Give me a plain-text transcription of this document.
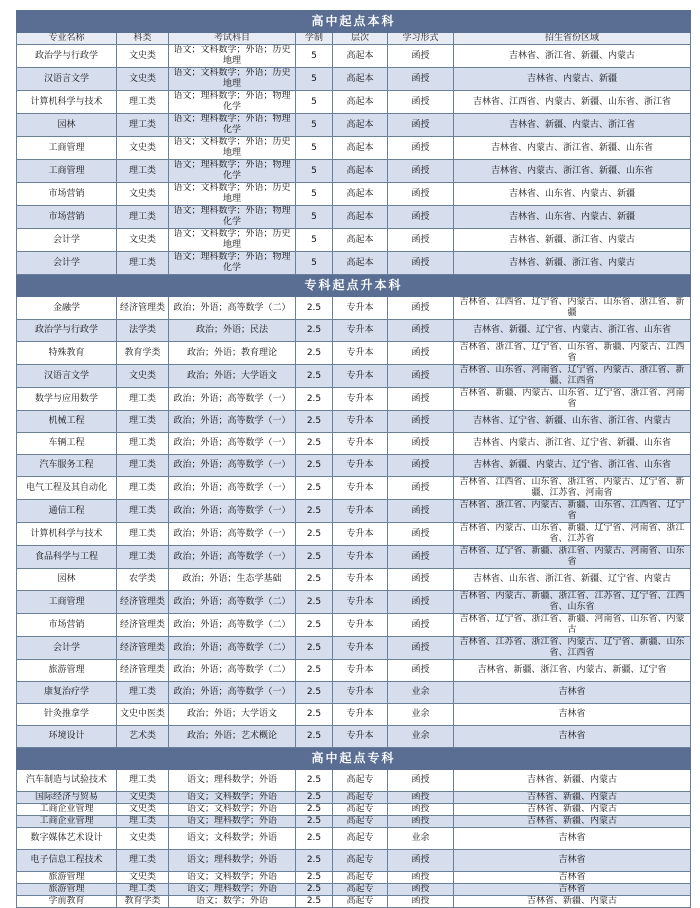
高中起点本科						
专业名称	科类	考试科目	学制	层次	学习形式	招生省份区域
政治学与行政学	文史类	语文；文科数学；外语；历史地理	5	高起本	函授	吉林省、浙江省、新疆、内蒙古
汉语言文学	文史类	语文；文科数学；外语；历史地理	5	高起本	函授	吉林省、内蒙古、新疆
计算机科学与技术	理工类	语文；理科数学；外语；物理化学	5	高起本	函授	吉林省、江西省、内蒙古、新疆、山东省、浙江省
园林	理工类	语文；理科数学；外语；物理化学	5	高起本	函授	吉林省、新疆、内蒙古、浙江省
工商管理	文史类	语文；文科数学；外语；历史地理	5	高起本	函授	吉林省、内蒙古、浙江省、新疆、山东省
工商管理	理工类	语文；理科数学；外语；物理化学	5	高起本	函授	吉林省、内蒙古、浙江省、新疆、山东省
市场营销	文史类	语文；文科数学；外语；历史地理	5	高起本	函授	吉林省、山东省、内蒙古、新疆
市场营销	理工类	语文；理科数学；外语；物理化学	5	高起本	函授	吉林省、山东省、内蒙古、新疆
会计学	文史类	语文；文科数学；外语；历史地理	5	高起本	函授	吉林省、新疆、浙江省、内蒙古
会计学	理工类	语文；理科数学；外语；物理化学	5	高起本	函授	吉林省、新疆、浙江省、内蒙古
专科起点升本科						
金融学	经济管理类	政治；外语；高等数学（二）	2.5	专升本	函授	吉林省、江西省、辽宁省、内蒙古、山东省、浙江省、新疆
政治学与行政学	法学类	政治；外语；民法	2.5	专升本	函授	吉林省、新疆、辽宁省、内蒙古、浙江省、山东省
特殊教育	教育学类	政治；外语；教育理论	2.5	专升本	函授	吉林省、浙江省、辽宁省、山东省、新疆、内蒙古、江西省
汉语言文学	文史类	政治；外语；大学语文	2.5	专升本	函授	吉林省、山东省、河南省、辽宁省、内蒙古、浙江省、新疆、江西省
数学与应用数学	理工类	政治；外语；高等数学（一）	2.5	专升本	函授	吉林省、新疆、内蒙古、山东省、辽宁省、浙江省、河南省
机械工程	理工类	政治；外语；高等数学（一）	2.5	专升本	函授	吉林省、辽宁省、新疆、山东省、浙江省、内蒙古
车辆工程	理工类	政治；外语；高等数学（一）	2.5	专升本	函授	吉林省、内蒙古、浙江省、辽宁省、新疆、山东省
汽车服务工程	理工类	政治；外语；高等数学（一）	2.5	专升本	函授	吉林省、新疆、内蒙古、辽宁省、浙江省、山东省
电气工程及其自动化	理工类	政治；外语；高等数学（一）	2.5	专升本	函授	吉林省、江西省、山东省、浙江省、内蒙古、辽宁省、新疆、江苏省、河南省
通信工程	理工类	政治；外语；高等数学（一）	2.5	专升本	函授	吉林省、浙江省、内蒙古、新疆、山东省、江西省、辽宁省
计算机科学与技术	理工类	政治；外语；高等数学（一）	2.5	专升本	函授	吉林省、内蒙古、山东省、新疆、辽宁省、河南省、浙江省、江苏省
食品科学与工程	理工类	政治；外语；高等数学（一）	2.5	专升本	函授	吉林省、辽宁省、新疆、浙江省、内蒙古、河南省、山东省
园林	农学类	政治；外语；生态学基础	2.5	专升本	函授	吉林省、山东省、浙江省、新疆、辽宁省、内蒙古
工商管理	经济管理类	政治；外语；高等数学（二）	2.5	专升本	函授	吉林省、内蒙古、新疆、浙江省、江苏省、辽宁省、江西省、山东省
市场营销	经济管理类	政治；外语；高等数学（二）	2.5	专升本	函授	吉林省、辽宁省、浙江省、新疆、河南省、山东省、内蒙古
会计学	经济管理类	政治；外语；高等数学（二）	2.5	专升本	函授	吉林省、江苏省、浙江省、内蒙古、辽宁省、新疆、山东省、江西省
旅游管理	经济管理类	政治；外语；高等数学（二）	2.5	专升本	函授	吉林省、新疆、浙江省、内蒙古、新疆、辽宁省
康复治疗学	理工类	政治；外语；高等数学（一）	2.5	专升本	业余	吉林省
针灸推拿学	文史中医类	政治；外语；大学语文	2.5	专升本	业余	吉林省
环境设计	艺术类	政治；外语；艺术概论	2.5	专升本	业余	吉林省
高中起点专科						
汽车制造与试验技术	理工类	语文；理科数学；外语	2.5	高起专	函授	吉林省、新疆、内蒙古
国际经济与贸易	文史类	语文；文科数学；外语	2.5	高起专	函授	吉林省、新疆、内蒙古
工商企业管理	文史类	语文；文科数学；外语	2.5	高起专	函授	吉林省、新疆、内蒙古
工商企业管理	理工类	语文；理科数学；外语	2.5	高起专	函授	吉林省、新疆、内蒙古
数字媒体艺术设计	文史类	语文；文科数学；外语	2.5	高起专	业余	吉林省
电子信息工程技术	理工类	语文；理科数学；外语	2.5	高起专	函授	吉林省
旅游管理	文史类	语文；文科数学；外语	2.5	高起专	函授	吉林省
旅游管理	理工类	语文；理科数学；外语	2.5	高起专	函授	吉林省
学前教育	教育学类	语文；数学；外语	2.5	高起专	函授	吉林省、新疆、内蒙古
